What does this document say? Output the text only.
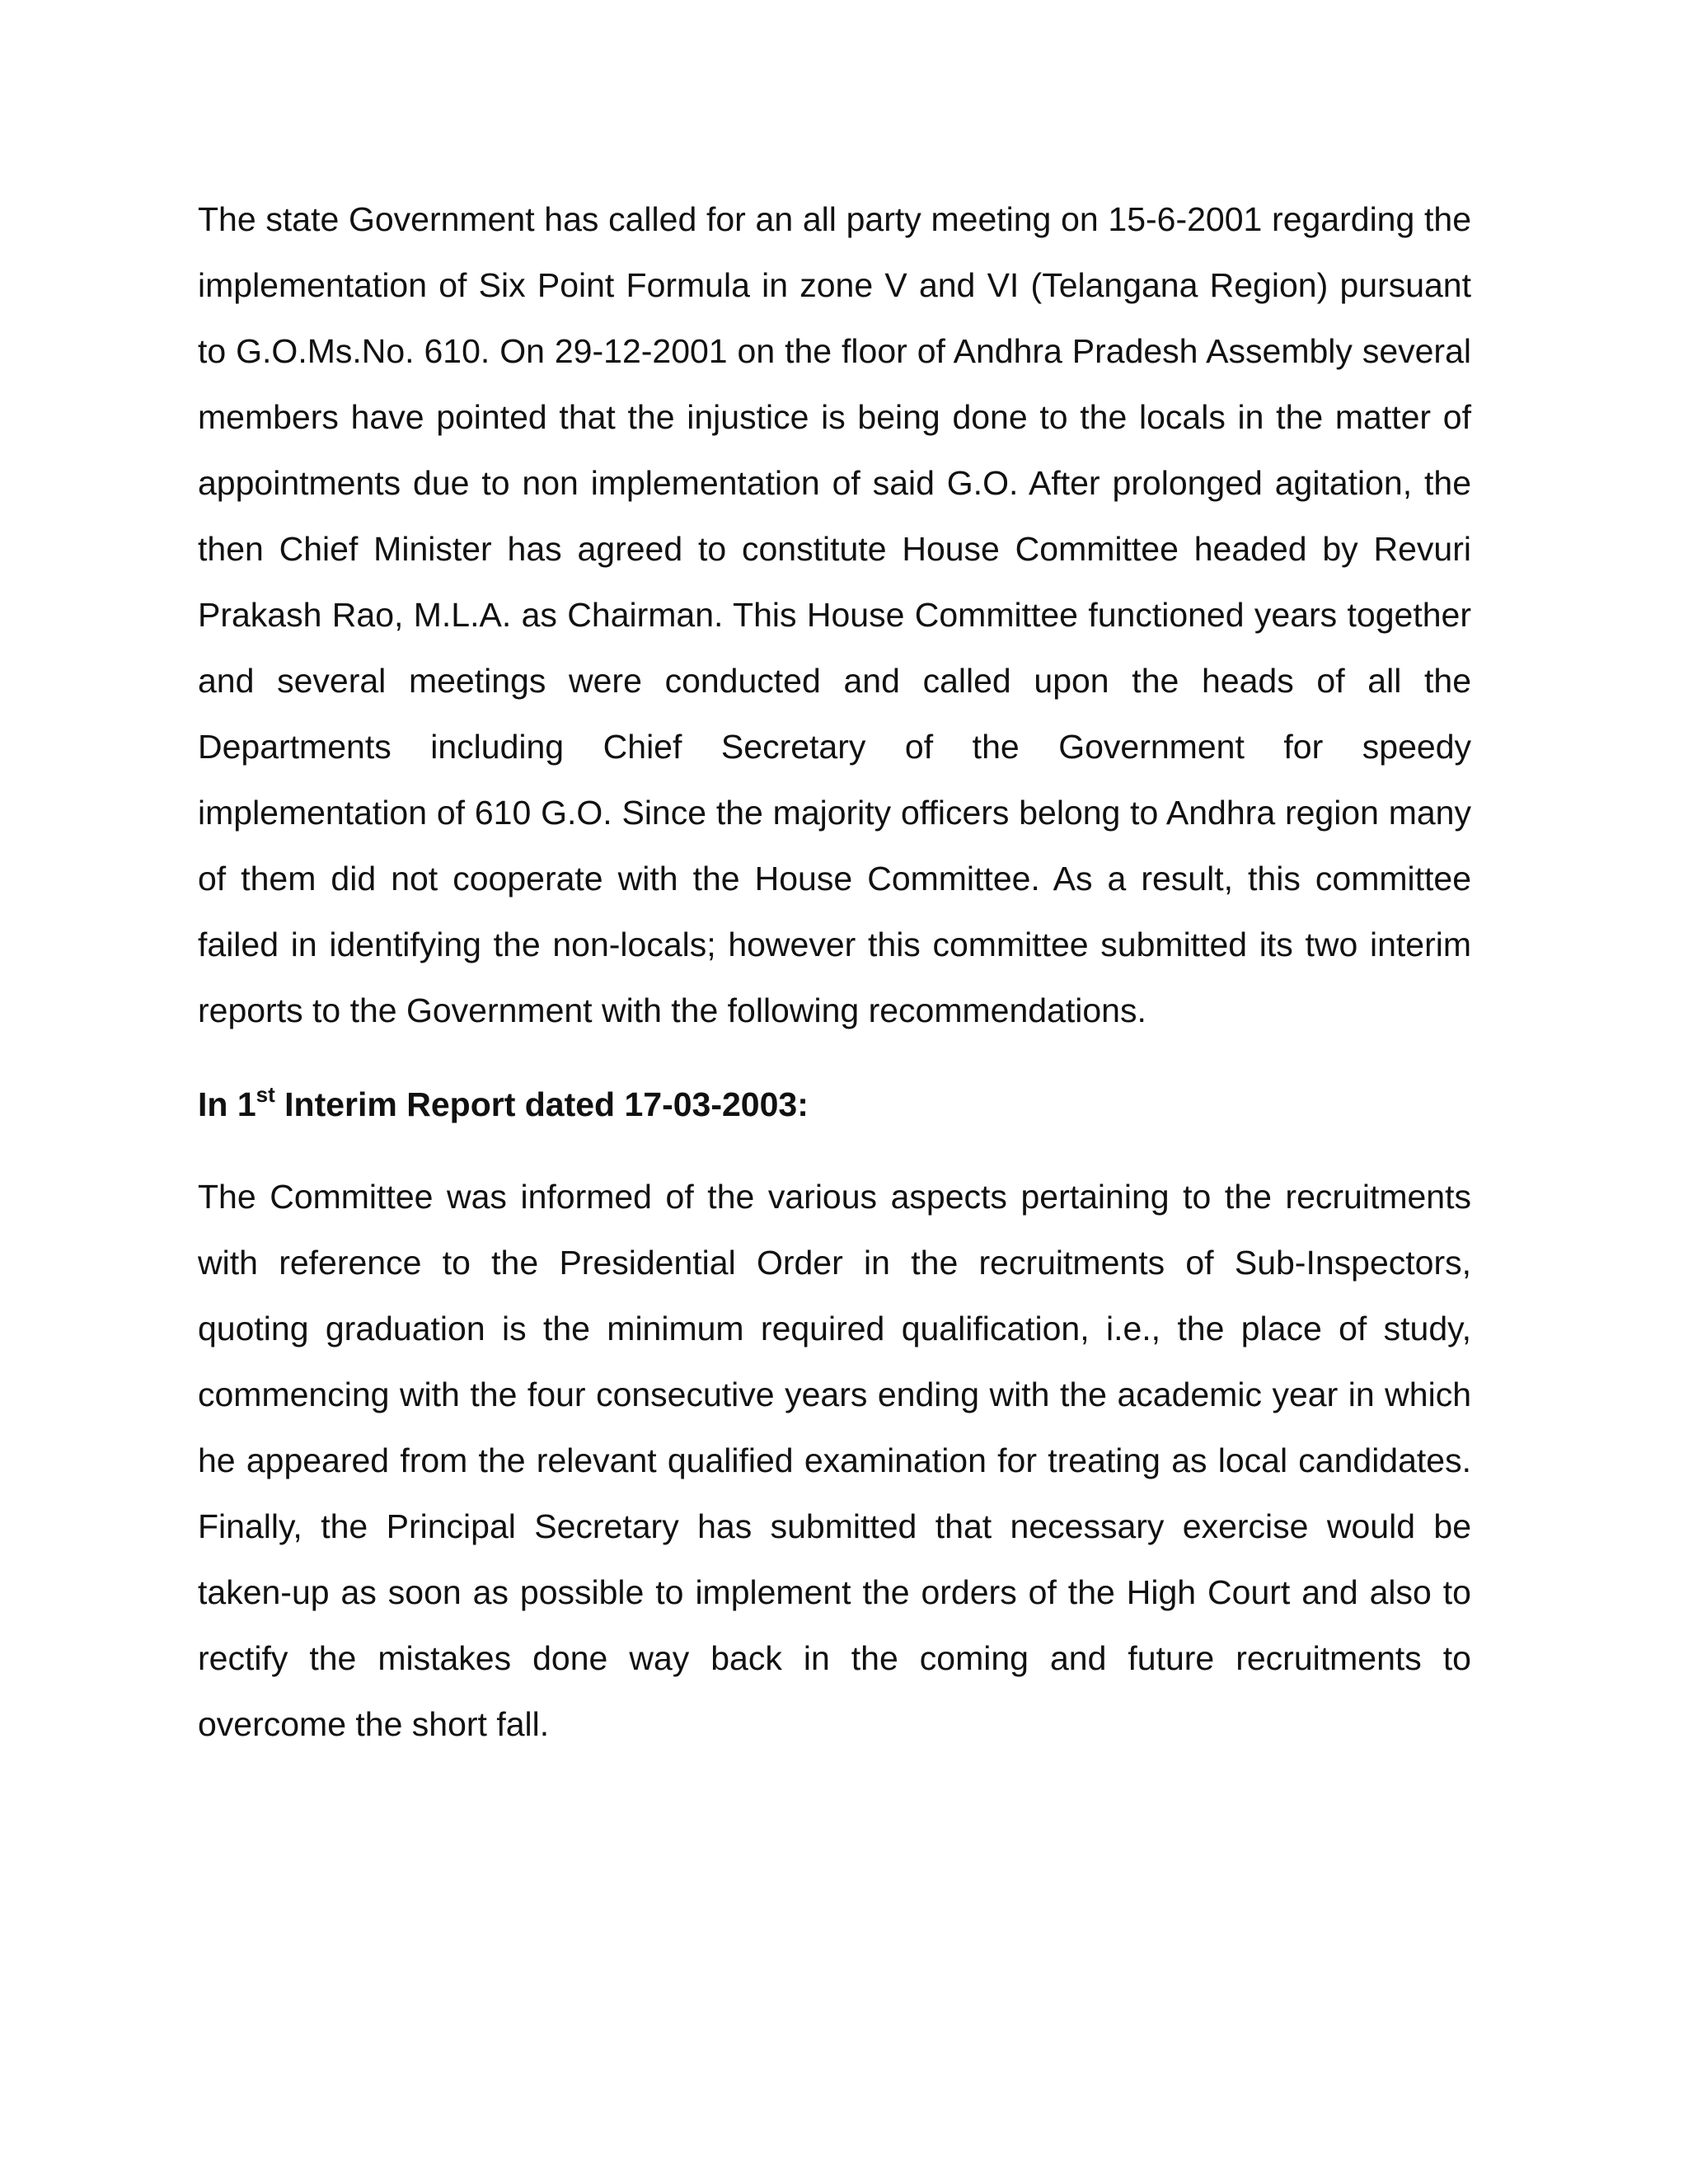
The state Government has called for an all party meeting on 15-6-2001 regarding the implementation of Six Point Formula in zone V and VI (Telangana Region) pursuant to G.O.Ms.No. 610. On 29-12-2001 on the floor of Andhra Pradesh Assembly several members have pointed that the injustice is being done to the locals in the matter of appointments due to non implementation of said G.O. After prolonged agitation, the then Chief Minister has agreed to constitute House Committee headed by Revuri Prakash Rao, M.L.A. as Chairman. This House Committee functioned years together and several meetings were conducted and called upon the heads of all the Departments including Chief Secretary of the Government for speedy implementation of 610 G.O. Since the majority officers belong to Andhra region many of them did not cooperate with the House Committee. As a result, this committee failed in identifying the non-locals; however this committee submitted its two interim reports to the Government with the following recommendations.

In 1st Interim Report dated 17-03-2003:

The Committee was informed of the various aspects pertaining to the recruitments with reference to the Presidential Order in the recruitments of Sub-Inspectors, quoting graduation is the minimum required qualification, i.e., the place of study, commencing with the four consecutive years ending with the academic year in which he appeared from the relevant qualified examination for treating as local candidates. Finally, the Principal Secretary has submitted that necessary exercise would be taken-up as soon as possible to implement the orders of the High Court and also to rectify the mistakes done way back in the coming and future recruitments to overcome the short fall.
